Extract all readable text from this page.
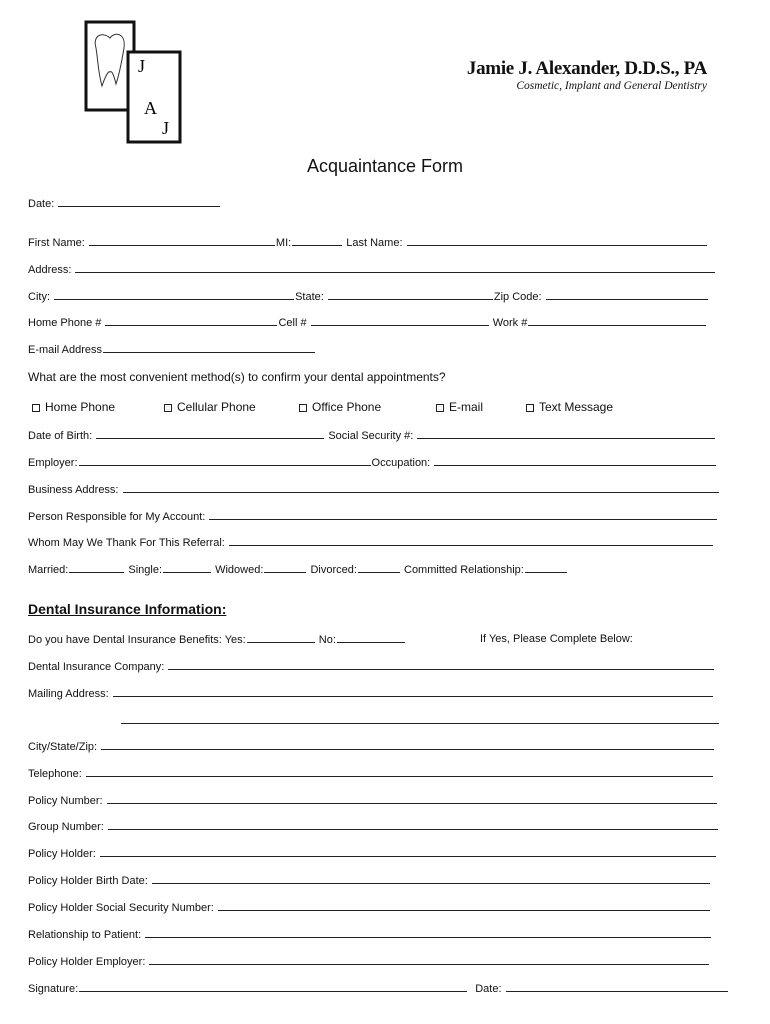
J
A
J
Jamie J. Alexander, D.D.S., PA
Cosmetic, Implant and General Dentistry
Acquaintance Form
Date:
First Name:	MI:	Last Name:
Address:
City:	State:	Zip Code:
Home Phone #	Cell #	Work #
E-mail Address
What are the most convenient method(s) to confirm your dental appointments?
Home Phone	Cellular Phone	Office Phone	E-mail	Text Message
Date of Birth:	Social Security #:
Employer:	Occupation:
Business Address:
Person Responsible for My Account:
Whom May We Thank For This Referral:
Married:	Single:	Widowed:	Divorced:	Committed Relationship:
Dental Insurance Information:
Do you have Dental Insurance Benefits: Yes:	No:	If Yes, Please Complete Below:
Dental Insurance Company:
Mailing Address:
City/State/Zip:
Telephone:
Policy Number:
Group Number:
Policy Holder:
Policy Holder Birth Date:
Policy Holder Social Security Number:
Relationship to Patient:
Policy Holder Employer:
Signature:	Date:
